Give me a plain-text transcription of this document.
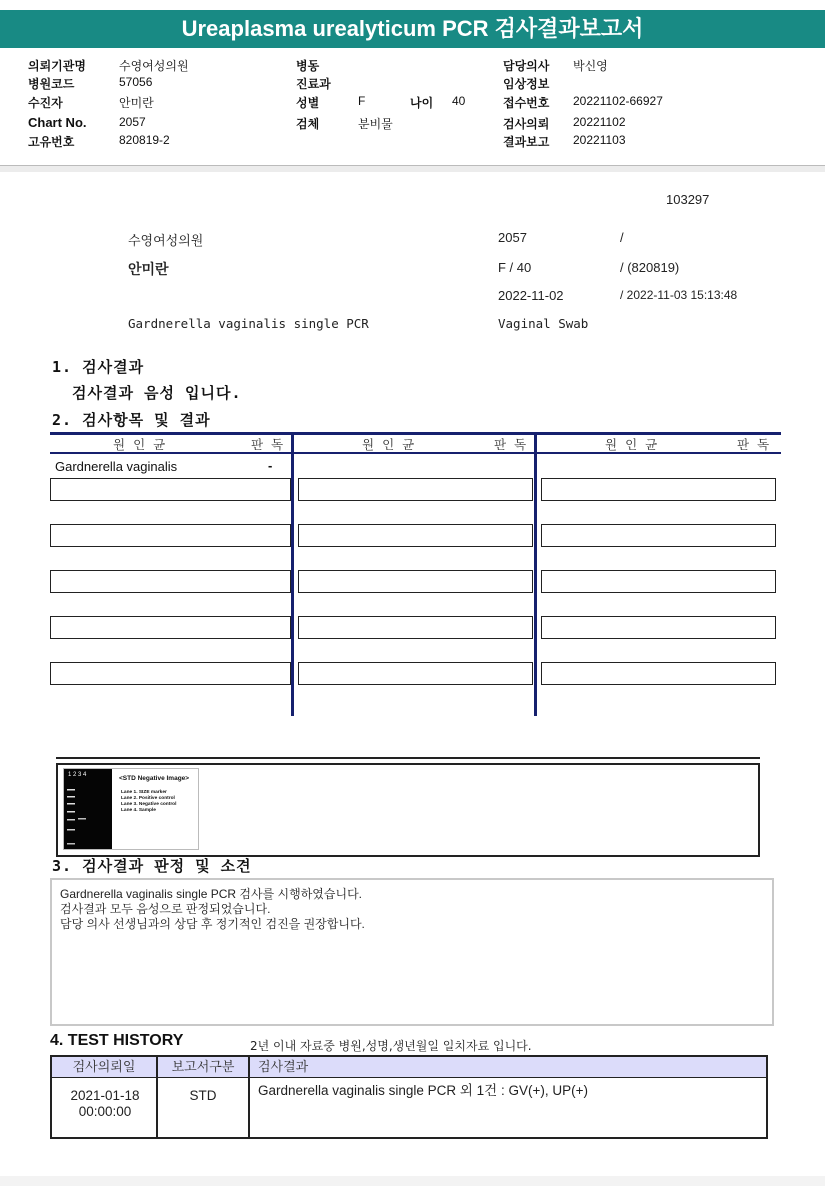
Ureaplasma urealyticum PCR 검사결과보고서
의뢰기관명	수영여성의원	병동	담당의사 박신영
병원코드	57056	진료과	임상정보
수진자	안미란	성별	F	나이 40	접수번호 20221102-66927
Chart No.	2057	검체	분비물	검사의뢰 20221102
고유번호	820819-2	결과보고 20221103
103297
수영여성의원	2057	/
안미란	F / 40	/ (820819)
2022-11-02	/ 2022-11-03 15:13:48
Gardnerella vaginalis single PCR	Vaginal Swab
1. 검사결과
검사결과 음성 입니다.
2. 검사항목 및 결과
원인균	판독	원인균	판독	원인균	판독
Gardnerella vaginalis	-
1 2 3 4	<STD Negative Image>
Lane 1. SIZE marker
Lane 2. Positive control
Lane 3. Negative control
Lane 4. Sample
3. 검사결과 판정 및 소견
Gardnerella vaginalis single PCR 검사를 시행하였습니다.
검사결과 모두 음성으로 판정되었습니다.
담당 의사 선생님과의 상담 후 정기적인 검진을 권장합니다.
4. TEST HISTORY	2년 이내 자료중 병원,성명,생년월일 일치자료 입니다.
검사의뢰일	보고서구분	검사결과
2021-01-18
00:00:00
STD	Gardnerella vaginalis single PCR 외 1건 : GV(+), UP(+)
